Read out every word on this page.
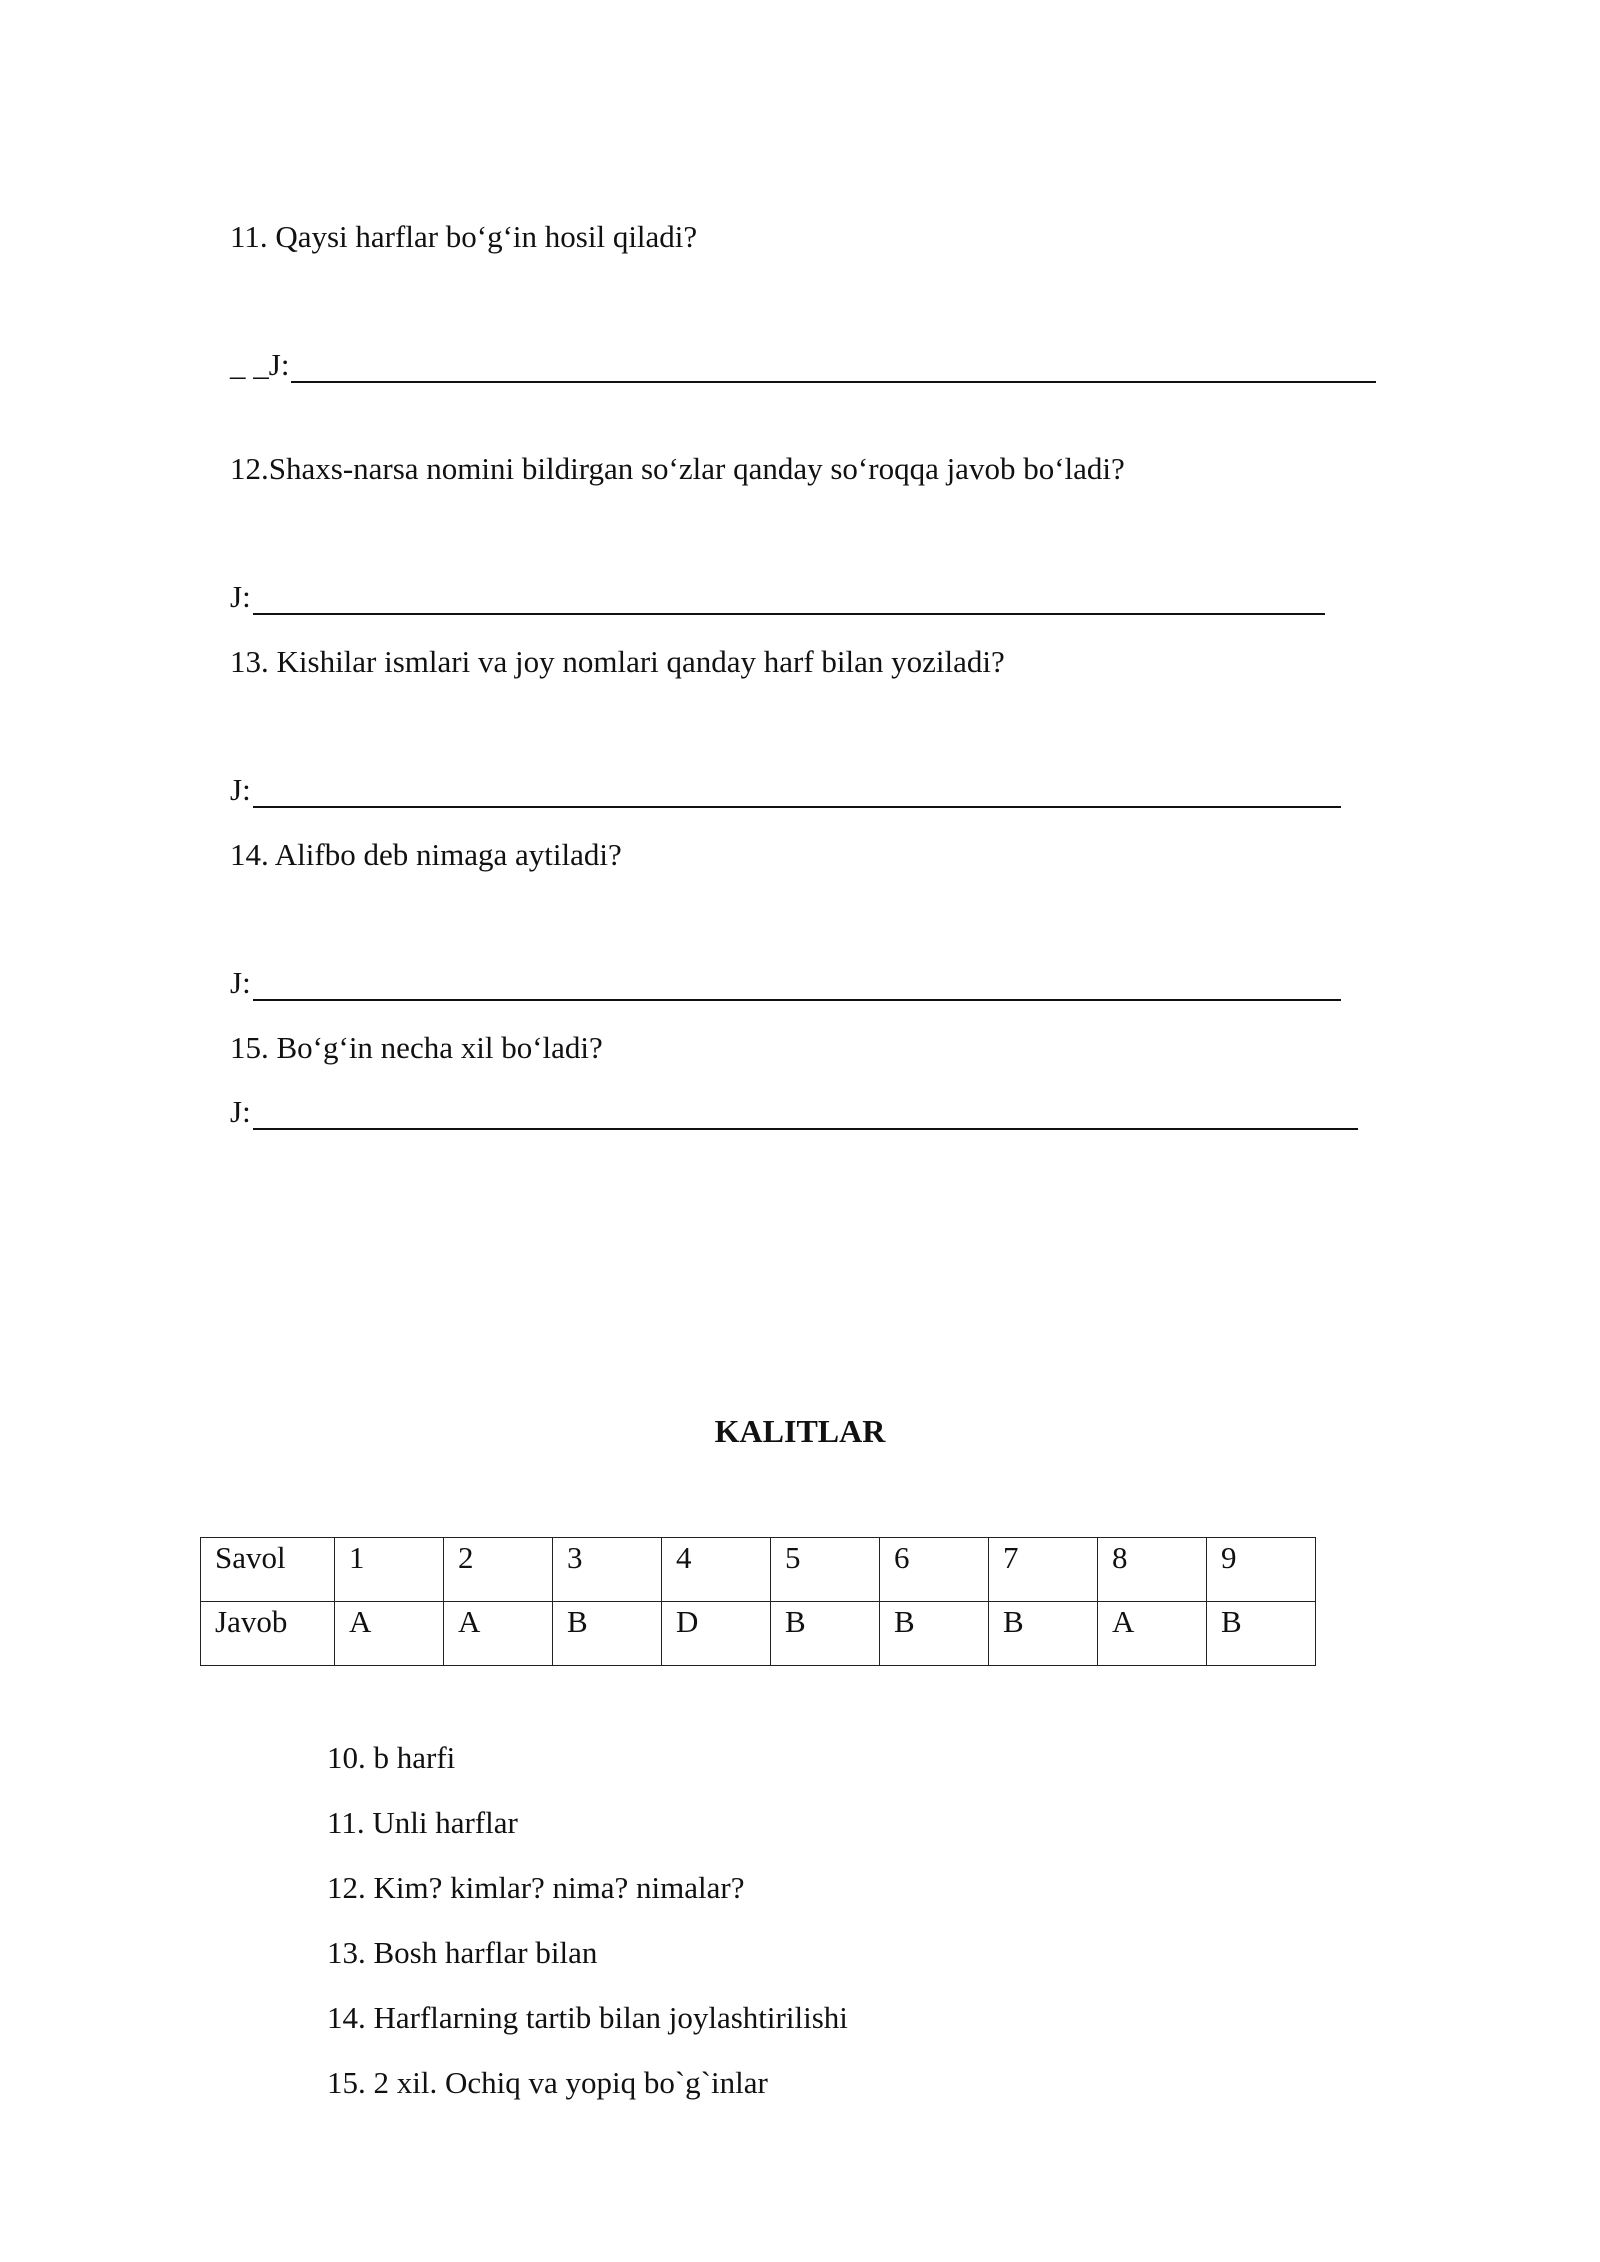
11. Qaysi harflar bo‘g‘in hosil qiladi?
_ _J:
12.Shaxs-narsa nomini bildirgan so‘zlar qanday so‘roqqa javob bo‘ladi?
J:
13. Kishilar ismlari va joy nomlari qanday harf bilan yoziladi?
J:
14. Alifbo deb nimaga aytiladi?
J:
15. Bo‘g‘in necha xil bo‘ladi?
J:
KALITLAR
Savol	1	2	3	4	5	6	7	8	9
Javob	A	A	B	D	B	B	B	A	B
10. b harfi
11. Unli harflar
12. Kim? kimlar? nima? nimalar?
13. Bosh harflar bilan
14. Harflarning tartib bilan joylashtirilishi
15. 2 xil. Ochiq va yopiq bo`g`inlar
